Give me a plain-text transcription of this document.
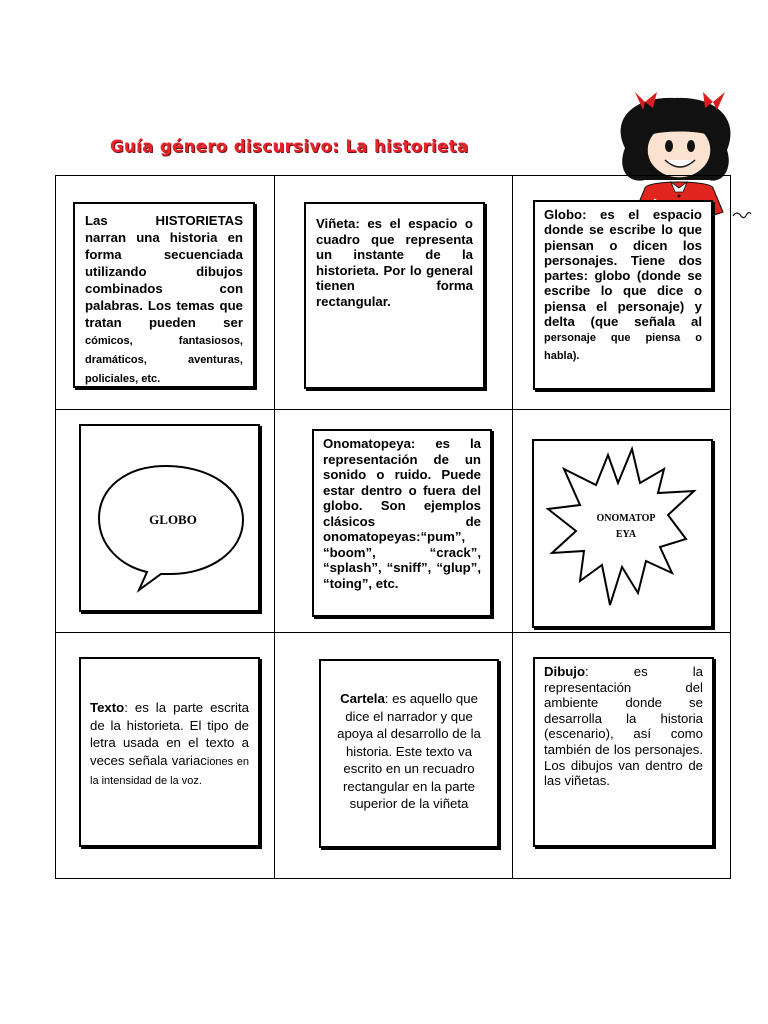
Guía género discursivo: La historieta
Las HISTORIETAS narran una historia en forma secuenciada utilizando dibujos combinados con palabras. Los temas que tratan pueden ser cómicos, fantasiosos, dramáticos, aventuras, policiales, etc.
Viñeta: es el espacio o cuadro que representa un instante de la historieta. Por lo general tienen forma rectangular.
Globo: es el espacio donde se escribe lo que piensan o dicen los personajes. Tiene dos partes: globo (donde se escribe lo que dice o piensa el personaje) y delta (que señala al personaje que piensa o habla).
GLOBO
Onomatopeya: es la representación de un sonido o ruido. Puede estar dentro o fuera del globo. Son ejemplos clásicos de onomatopeyas:“pum”, “boom”, “crack”, “splash”, “sniff”, “glup”, “toing”, etc.
ONOMATOP
EYA
Texto: es la parte escrita de la historieta. El tipo de letra usada en el texto a veces señala variaciones en la intensidad de la voz.
Cartela: es aquello que dice el narrador y que apoya al desarrollo de la historia. Este texto va escrito en un recuadro rectangular en la parte superior de la viñeta
Dibujo: es la representación del ambiente donde se desarrolla la historia (escenario), así como también de los personajes. Los dibujos van dentro de las viñetas.
